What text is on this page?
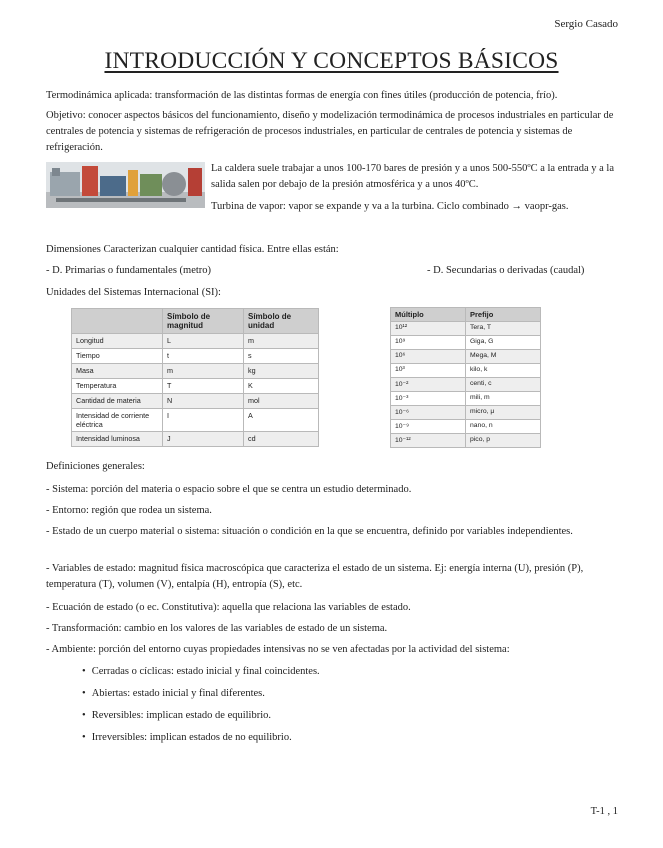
Sergio Casado
INTRODUCCIÓN Y CONCEPTOS BÁSICOS
Termodinámica aplicada: transformación de las distintas formas de energía con fines útiles (producción de potencia, frío).
Objetivo: conocer aspectos básicos del funcionamiento, diseño y modelización termodinámica de procesos industriales en particular de centrales de potencia y sistemas de refrigeración de procesos industriales, en particular de centrales de potencia y sistemas de refrigeración.
La caldera suele trabajar a unos 100-170 bares de presión y a unos 500-550ºC a la entrada y a la salida salen por debajo de la presión atmosférica y a unos 40ºC.
Turbina de vapor: vapor se expande y va a la turbina. Ciclo combinado → vaopr-gas.
Dimensiones Caracterizan cualquier cantidad física. Entre ellas están:
- D. Primarias o fundamentales (metro)	- D. Secundarias o derivadas (caudal)
Unidades del Sistemas Internacional (SI):
	Símbolo de magnitud	Símbolo de unidad
Longitud	L	m
Tiempo	t	s
Masa	m	kg
Temperatura	T	K
Cantidad de materia	N	mol
Intensidad de corriente eléctrica	I	A
Intensidad luminosa	J	cd
Múltiplo	Prefijo
10¹²	Tera, T
10⁹	Giga, G
10⁶	Mega, M
10³	kilo, k
10⁻²	centi, c
10⁻³	mili, m
10⁻⁶	micro, μ
10⁻⁹	nano, n
10⁻¹²	pico, p
Definiciones generales:
- Sistema: porción del materia o espacio sobre el que se centra un estudio determinado.
- Entorno: región que rodea un sistema.
- Estado de un cuerpo material o sistema: situación o condición en la que se encuentra, definido por variables independientes.
- Variables de estado: magnitud física macroscópica que caracteriza el estado de un sistema. Ej: energía interna (U), presión (P), temperatura (T), volumen (V), entalpía (H), entropía (S), etc.
- Ecuación de estado (o ec. Constitutiva): aquella que relaciona las variables de estado.
- Transformación: cambio en los valores de las variables de estado de un sistema.
- Ambiente: porción del entorno cuyas propiedades intensivas no se ven afectadas por la actividad del sistema:
• Cerradas o cíclicas: estado inicial y final coincidentes.
• Abiertas: estado inicial y final diferentes.
• Reversibles: implican estado de equilibrio.
• Irreversibles: implican estados de no equilibrio.
T-1 , 1
